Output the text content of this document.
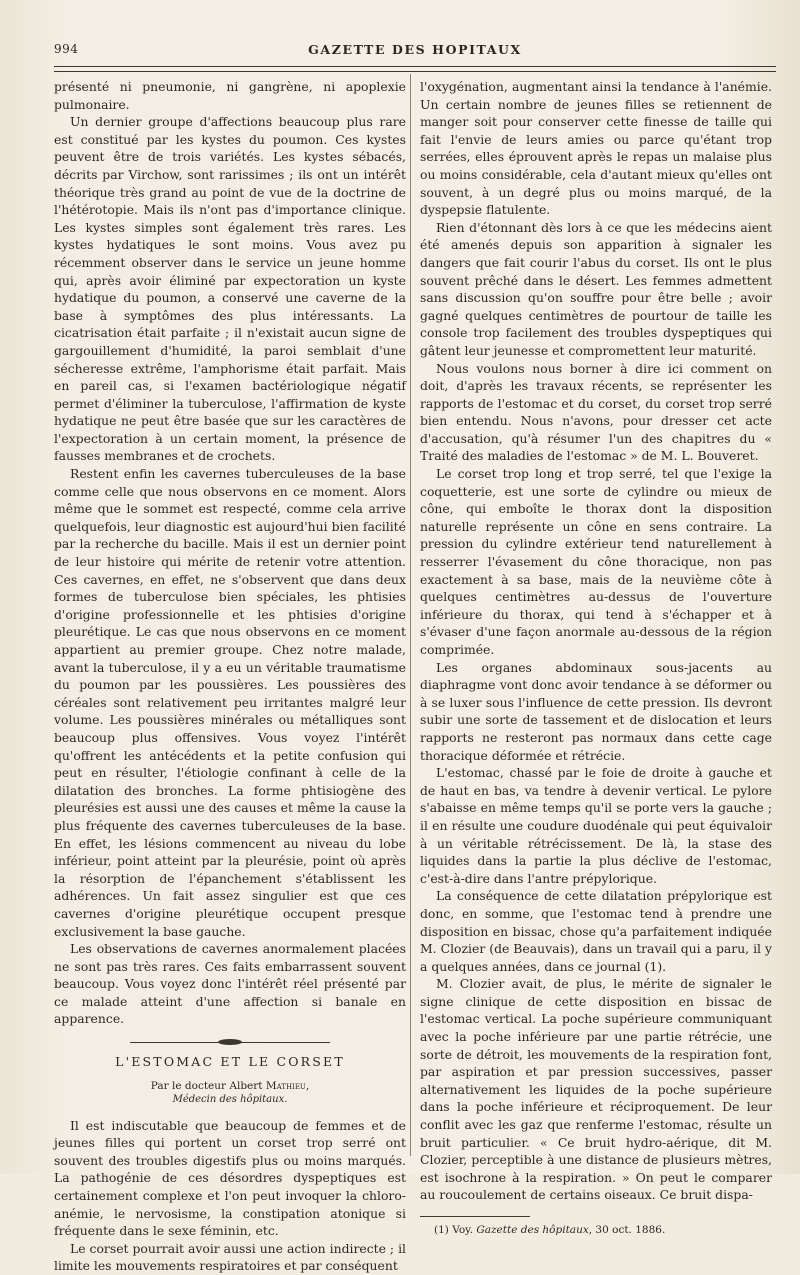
994	GAZETTE DES HOPITAUX

présenté ni pneumonie, ni gangrène, ni apoplexie pulmonaire.

Un dernier groupe d'affections beaucoup plus rare est constitué par les kystes du poumon. Ces kystes peuvent être de trois variétés. Les kystes sébacés, décrits par Virchow, sont rarissimes ; ils ont un intérêt théorique très grand au point de vue de la doctrine de l'hétérotopie. Mais ils n'ont pas d'importance clinique. Les kystes simples sont également très rares. Les kystes hydatiques le sont moins. Vous avez pu récemment observer dans le service un jeune homme qui, après avoir éliminé par expectoration un kyste hydatique du poumon, a conservé une caverne de la base à symptômes des plus intéressants. La cicatrisation était parfaite ; il n'existait aucun signe de gargouillement d'humidité, la paroi semblait d'une sécheresse extrême, l'amphorisme était parfait. Mais en pareil cas, si l'examen bactériologique négatif permet d'éliminer la tuberculose, l'affirmation de kyste hydatique ne peut être basée que sur les caractères de l'expectoration à un certain moment, la présence de fausses membranes et de crochets.

Restent enfin les cavernes tuberculeuses de la base comme celle que nous observons en ce moment. Alors même que le sommet est respecté, comme cela arrive quelquefois, leur diagnostic est aujourd'hui bien facilité par la recherche du bacille. Mais il est un dernier point de leur histoire qui mérite de retenir votre attention. Ces cavernes, en effet, ne s'observent que dans deux formes de tuberculose bien spéciales, les phtisies d'origine professionnelle et les phtisies d'origine pleurétique. Le cas que nous observons en ce moment appartient au premier groupe. Chez notre malade, avant la tuberculose, il y a eu un véritable traumatisme du poumon par les poussières. Les poussières des céréales sont relativement peu irritantes malgré leur volume. Les poussières minérales ou métalliques sont beaucoup plus offensives. Vous voyez l'intérêt qu'offrent les antécédents et la petite confusion qui peut en résulter, l'étiologie confinant à celle de la dilatation des bronches. La forme phtisiogène des pleurésies est aussi une des causes et même la cause la plus fréquente des cavernes tuberculeuses de la base. En effet, les lésions commencent au niveau du lobe inférieur, point atteint par la pleurésie, point où après la résorption de l'épanchement s'établissent les adhérences. Un fait assez singulier est que ces cavernes d'origine pleurétique occupent presque exclusivement la base gauche.

Les observations de cavernes anormalement placées ne sont pas très rares. Ces faits embarrassent souvent beaucoup. Vous voyez donc l'intérêt réel présenté par ce malade atteint d'une affection si banale en apparence.

L'ESTOMAC ET LE CORSET
Par le docteur Albert Mathieu,
Médecin des hôpitaux.

Il est indiscutable que beaucoup de femmes et de jeunes filles qui portent un corset trop serré ont souvent des troubles digestifs plus ou moins marqués. La pathogénie de ces désordres dyspeptiques est certainement complexe et l'on peut invoquer la chloro-anémie, le nervosisme, la constipation atonique si fréquente dans le sexe féminin, etc.

Le corset pourrait avoir aussi une action indirecte ; il limite les mouvements respiratoires et par conséquent

l'oxygénation, augmentant ainsi la tendance à l'anémie. Un certain nombre de jeunes filles se retiennent de manger soit pour conserver cette finesse de taille qui fait l'envie de leurs amies ou parce qu'étant trop serrées, elles éprouvent après le repas un malaise plus ou moins considérable, cela d'autant mieux qu'elles ont souvent, à un degré plus ou moins marqué, de la dyspepsie flatulente.

Rien d'étonnant dès lors à ce que les médecins aient été amenés depuis son apparition à signaler les dangers que fait courir l'abus du corset. Ils ont le plus souvent prêché dans le désert. Les femmes admettent sans discussion qu'on souffre pour être belle ; avoir gagné quelques centimètres de pourtour de taille les console trop facilement des troubles dyspeptiques qui gâtent leur jeunesse et compromettent leur maturité.

Nous voulons nous borner à dire ici comment on doit, d'après les travaux récents, se représenter les rapports de l'estomac et du corset, du corset trop serré bien entendu. Nous n'avons, pour dresser cet acte d'accusation, qu'à résumer l'un des chapitres du « Traité des maladies de l'estomac » de M. L. Bouveret.

Le corset trop long et trop serré, tel que l'exige la coquetterie, est une sorte de cylindre ou mieux de cône, qui emboîte le thorax dont la disposition naturelle représente un cône en sens contraire. La pression du cylindre extérieur tend naturellement à resserrer l'évasement du cône thoracique, non pas exactement à sa base, mais de la neuvième côte à quelques centimètres au-dessus de l'ouverture inférieure du thorax, qui tend à s'échapper et à s'évaser d'une façon anormale au-dessous de la région comprimée.

Les organes abdominaux sous-jacents au diaphragme vont donc avoir tendance à se déformer ou à se luxer sous l'influence de cette pression. Ils devront subir une sorte de tassement et de dislocation et leurs rapports ne resteront pas normaux dans cette cage thoracique déformée et rétrécie.

L'estomac, chassé par le foie de droite à gauche et de haut en bas, va tendre à devenir vertical. Le pylore s'abaisse en même temps qu'il se porte vers la gauche ; il en résulte une coudure duodénale qui peut équivaloir à un véritable rétrécissement. De là, la stase des liquides dans la partie la plus déclive de l'estomac, c'est-à-dire dans l'antre prépylorique.

La conséquence de cette dilatation prépylorique est donc, en somme, que l'estomac tend à prendre une disposition en bissac, chose qu'a parfaitement indiquée M. Clozier (de Beauvais), dans un travail qui a paru, il y a quelques années, dans ce journal (1).

M. Clozier avait, de plus, le mérite de signaler le signe clinique de cette disposition en bissac de l'estomac vertical. La poche supérieure communiquant avec la poche inférieure par une partie rétrécie, une sorte de détroit, les mouvements de la respiration font, par aspiration et par pression successives, passer alternativement les liquides de la poche supérieure dans la poche inférieure et réciproquement. De leur conflit avec les gaz que renferme l'estomac, résulte un bruit particulier. « Ce bruit hydro-aérique, dit M. Clozier, perceptible à une distance de plusieurs mètres, est isochrone à la respiration. » On peut le comparer au roucoulement de certains oiseaux. Ce bruit dispa-

(1) Voy. Gazette des hôpitaux, 30 oct. 1886.
